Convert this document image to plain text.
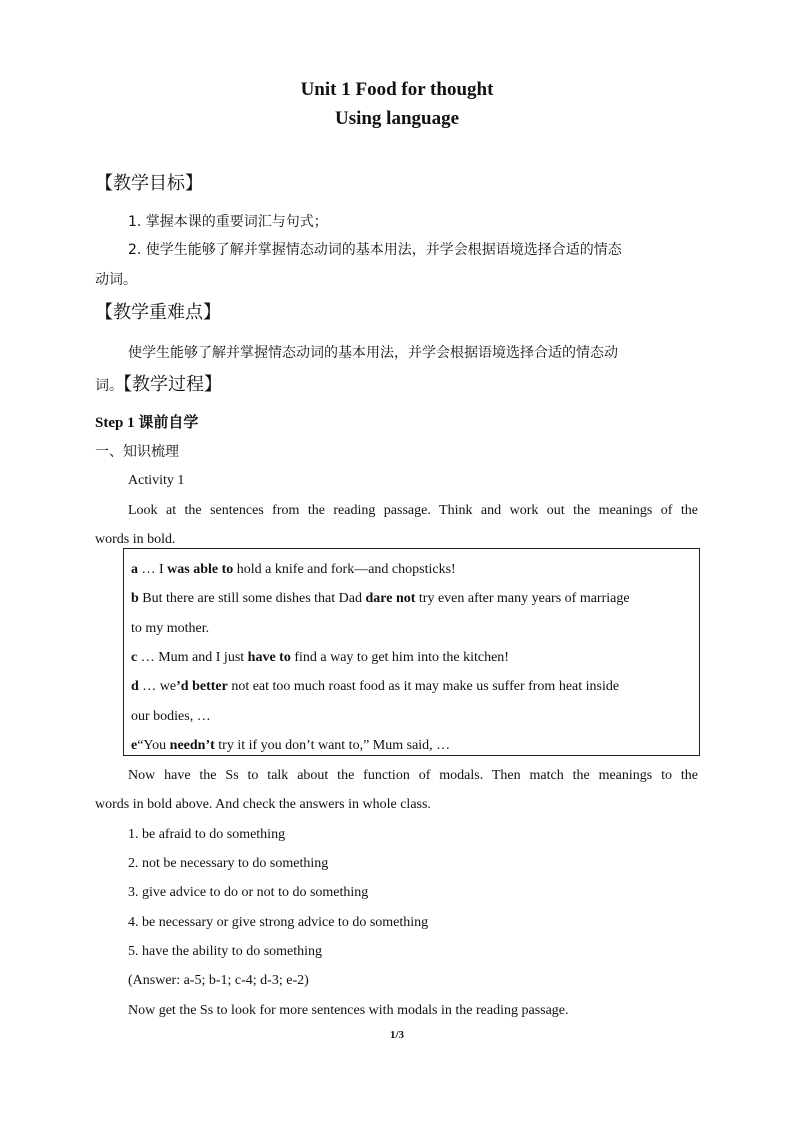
Unit 1 Food for thought
Using language
【教学目标】
1. 掌握本课的重要词汇与句式；
2. 使学生能够了解并掌握情态动词的基本用法，并学会根据语境选择合适的情态
动词。
【教学重难点】
使学生能够了解并掌握情态动词的基本用法，并学会根据语境选择合适的情态动
词。【教学过程】
Step 1 课前自学
一、知识梳理
Activity 1
Look at the sentences from the reading passage. Think and work out the meanings of the
words in bold.
a … I was able to hold a knife and fork—and chopsticks!
b But there are still some dishes that Dad dare not try even after many years of marriage
to my mother.
c … Mum and I just have to find a way to get him into the kitchen!
d … we’d better not eat too much roast food as it may make us suffer from heat inside
our bodies, …
e“You needn’t try it if you don’t want to,” Mum said, …
Now have the Ss to talk about the function of modals. Then match the meanings to the
words in bold above. And check the answers in whole class.
1. be afraid to do something
2. not be necessary to do something
3. give advice to do or not to do something
4. be necessary or give strong advice to do something
5. have the ability to do something
(Answer: a-5; b-1; c-4; d-3; e-2)
Now get the Ss to look for more sentences with modals in the reading passage.
1/3
